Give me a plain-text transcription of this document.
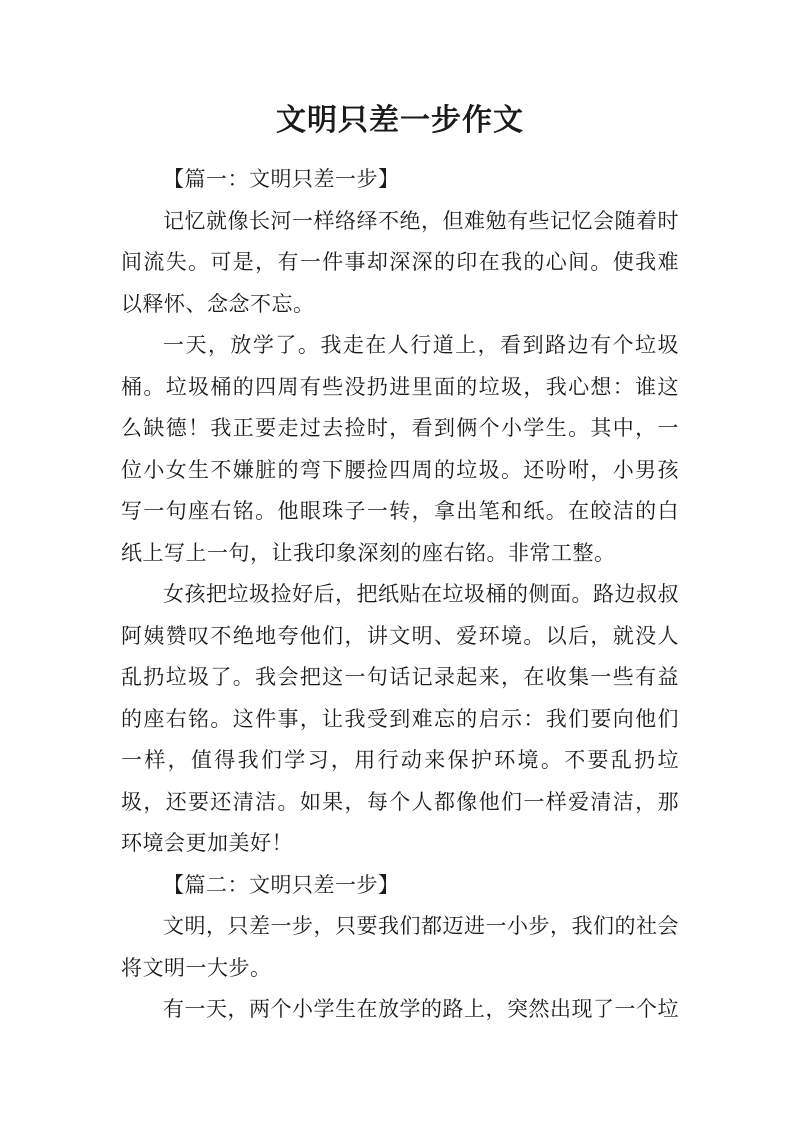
文明只差一步作文

【篇一：文明只差一步】

记忆就像长河一样络绎不绝，但难勉有些记忆会随着时间流失。可是，有一件事却深深的印在我的心间。使我难以释怀、念念不忘。

一天，放学了。我走在人行道上，看到路边有个垃圾桶。垃圾桶的四周有些没扔进里面的垃圾，我心想：谁这么缺德！我正要走过去捡时，看到俩个小学生。其中，一位小女生不嫌脏的弯下腰捡四周的垃圾。还吩咐，小男孩写一句座右铭。他眼珠子一转，拿出笔和纸。在皎洁的白纸上写上一句，让我印象深刻的座右铭。非常工整。

女孩把垃圾捡好后，把纸贴在垃圾桶的侧面。路边叔叔阿姨赞叹不绝地夸他们，讲文明、爱环境。以后，就没人乱扔垃圾了。我会把这一句话记录起来，在收集一些有益的座右铭。这件事，让我受到难忘的启示：我们要向他们一样，值得我们学习，用行动来保护环境。不要乱扔垃圾，还要还清洁。如果，每个人都像他们一样爱清洁，那环境会更加美好！

【篇二：文明只差一步】

文明，只差一步，只要我们都迈进一小步，我们的社会将文明一大步。

有一天，两个小学生在放学的路上，突然出现了一个垃
